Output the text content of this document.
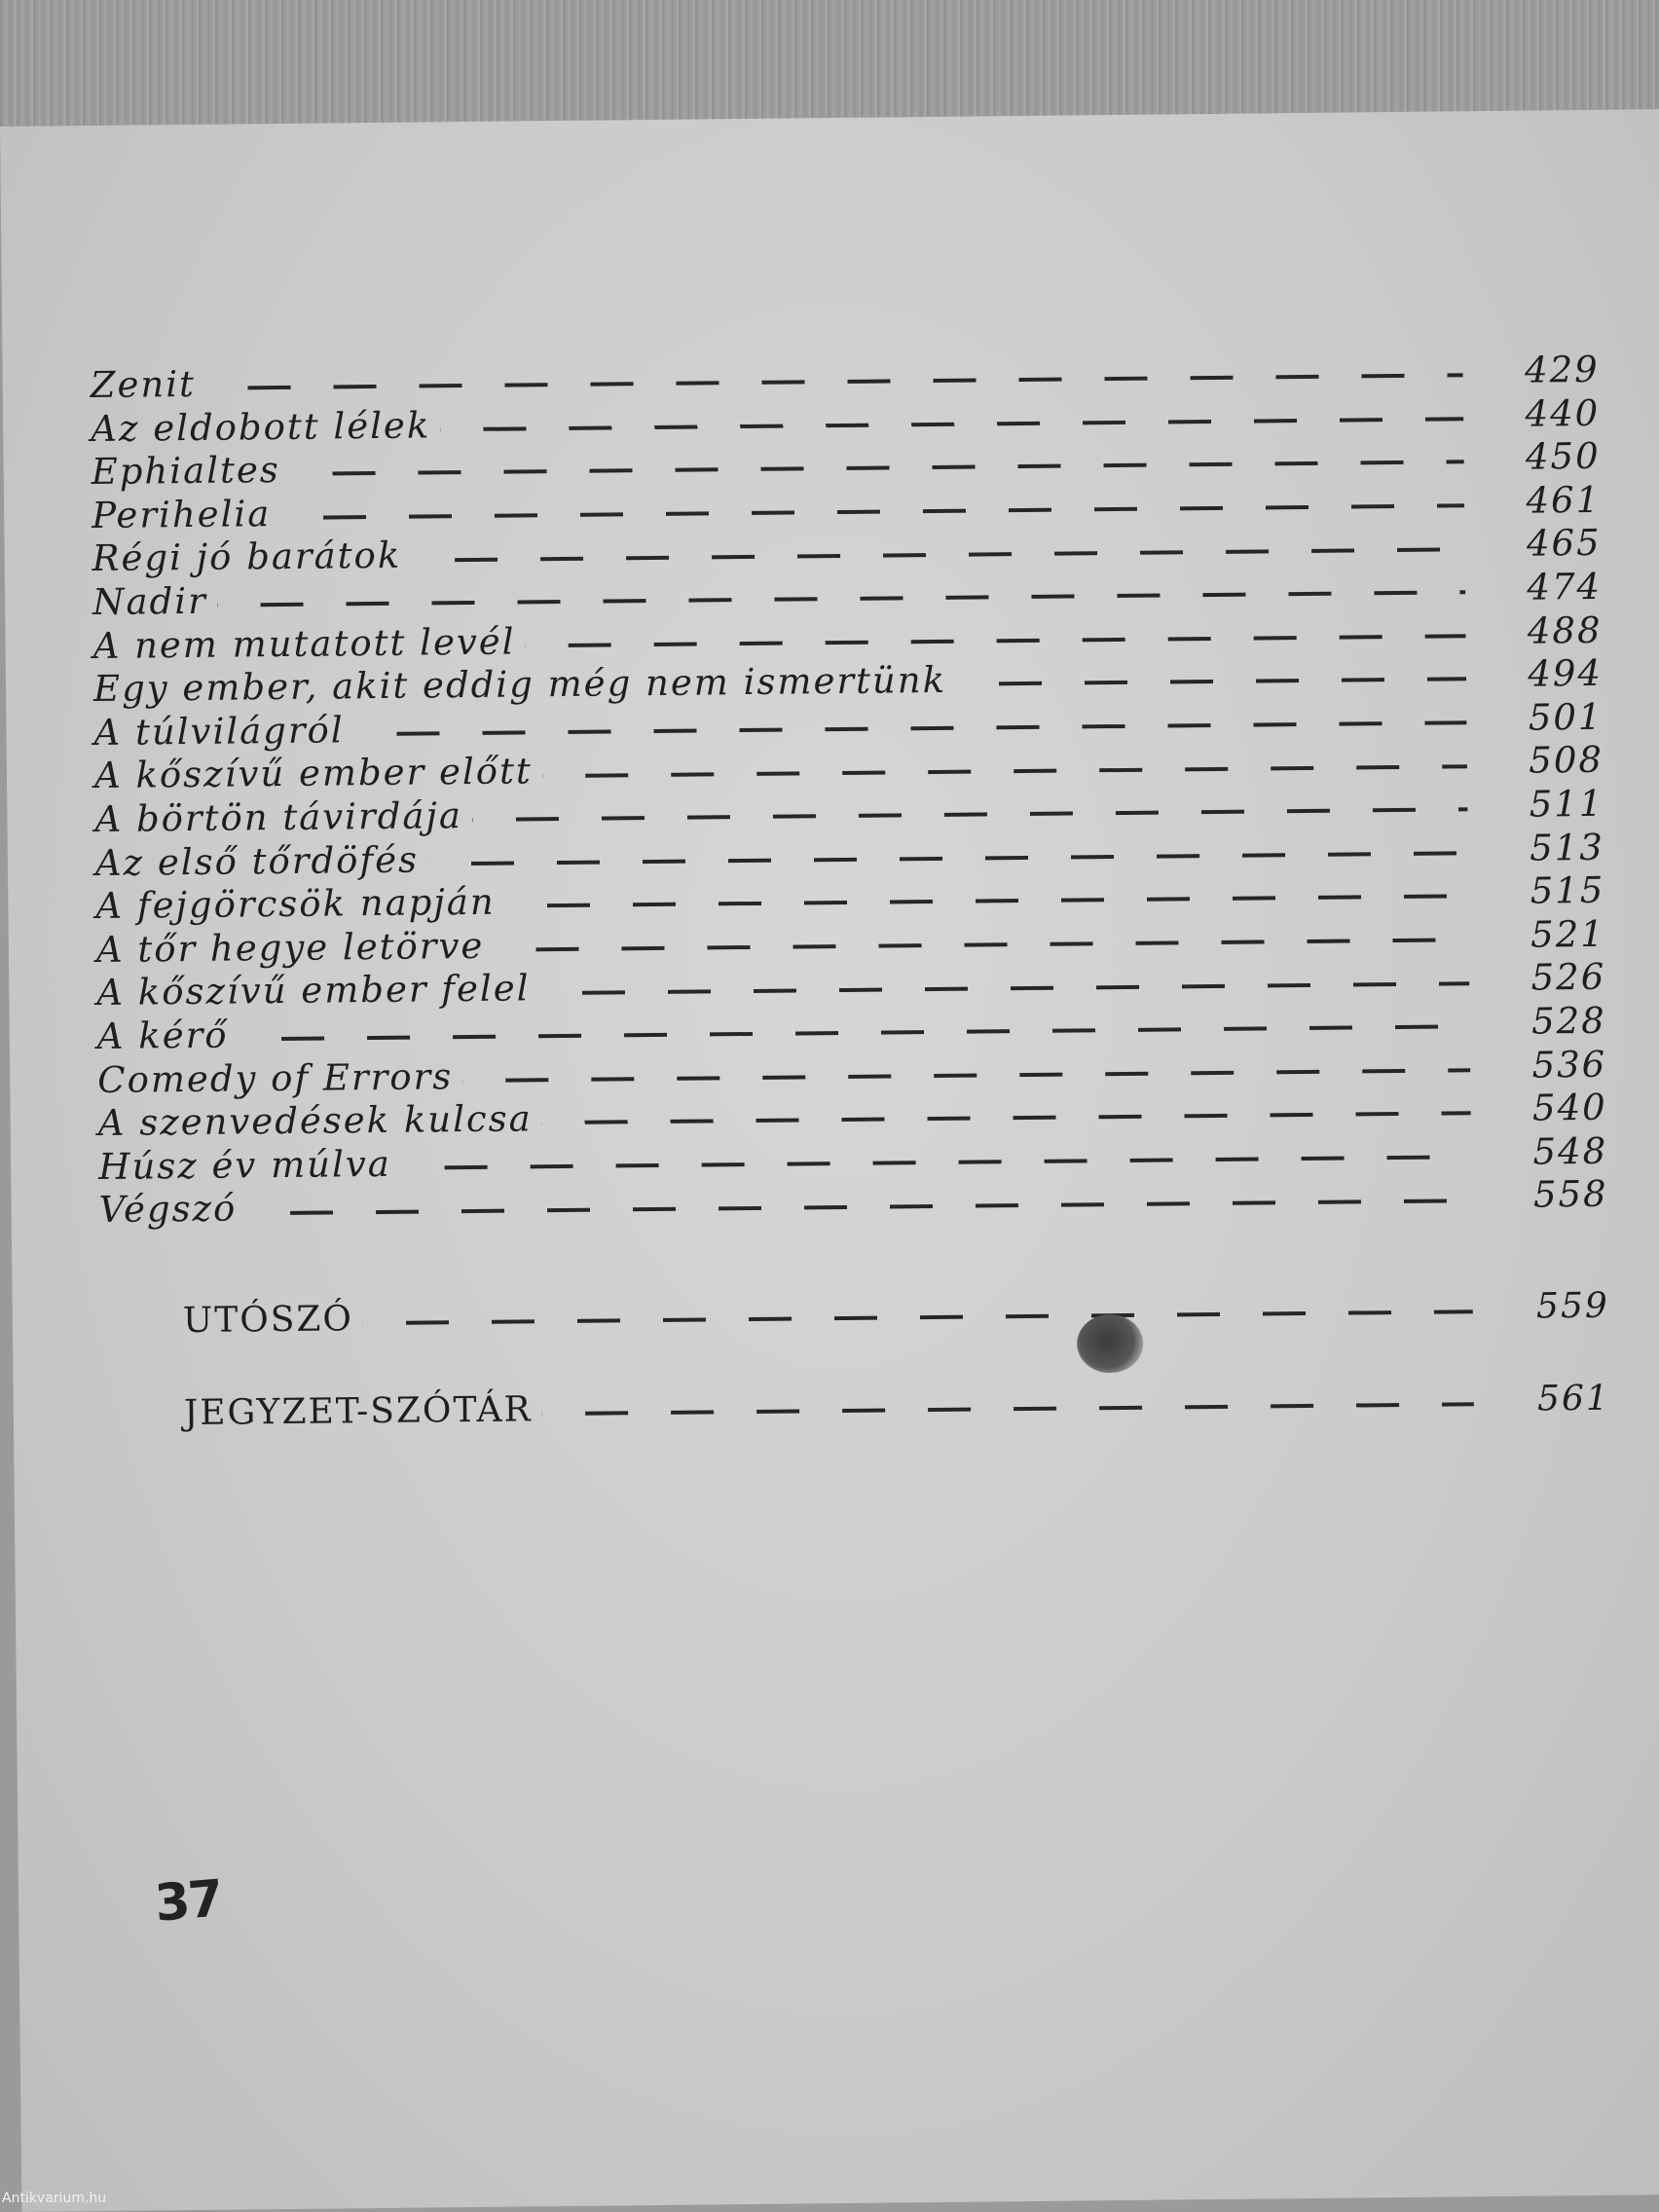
Zenit	429
Az eldobott lélek	440
Ephialtes	450
Perihelia	461
Régi jó barátok	465
Nadir	474
A nem mutatott levél	488
Egy ember, akit eddig még nem ismertünk	494
A túlvilágról	501
A kőszívű ember előtt	508
A börtön távirdája	511
Az első tőrdöfés	513
A fejgörcsök napján	515
A tőr hegye letörve	521
A kőszívű ember felel	526
A kérő	528
Comedy of Errors	536
A szenvedések kulcsa	540
Húsz év múlva	548
Végszó	558
UTÓSZÓ	559
JEGYZET-SZÓTÁR	561
37
Antikvarium.hu
